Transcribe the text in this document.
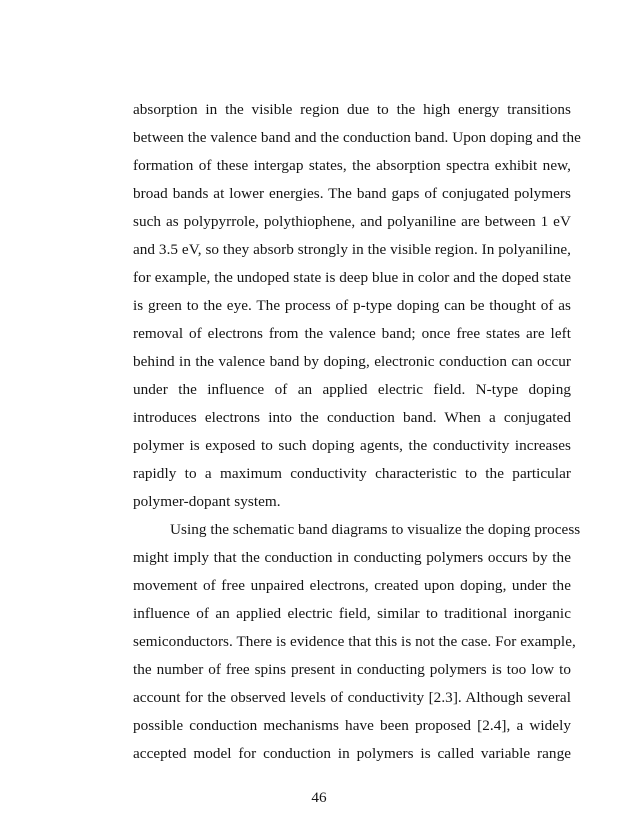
absorption in the visible region due to the high energy transitions
between the valence band and the conduction band. Upon doping and the
formation of these intergap states, the absorption spectra exhibit new,
broad bands at lower energies. The band gaps of conjugated polymers
such as polypyrrole, polythiophene, and polyaniline are between 1 eV
and 3.5 eV, so they absorb strongly in the visible region. In polyaniline,
for example, the undoped state is deep blue in color and the doped state
is green to the eye. The process of p-type doping can be thought of as
removal of electrons from the valence band; once free states are left
behind in the valence band by doping, electronic conduction can occur
under the influence of an applied electric field. N-type doping
introduces electrons into the conduction band. When a conjugated
polymer is exposed to such doping agents, the conductivity increases
rapidly to a maximum conductivity characteristic to the particular
polymer-dopant system.
Using the schematic band diagrams to visualize the doping process
might imply that the conduction in conducting polymers occurs by the
movement of free unpaired electrons, created upon doping, under the
influence of an applied electric field, similar to traditional inorganic
semiconductors. There is evidence that this is not the case. For example,
the number of free spins present in conducting polymers is too low to
account for the observed levels of conductivity [2.3]. Although several
possible conduction mechanisms have been proposed [2.4], a widely
accepted model for conduction in polymers is called variable range
46
